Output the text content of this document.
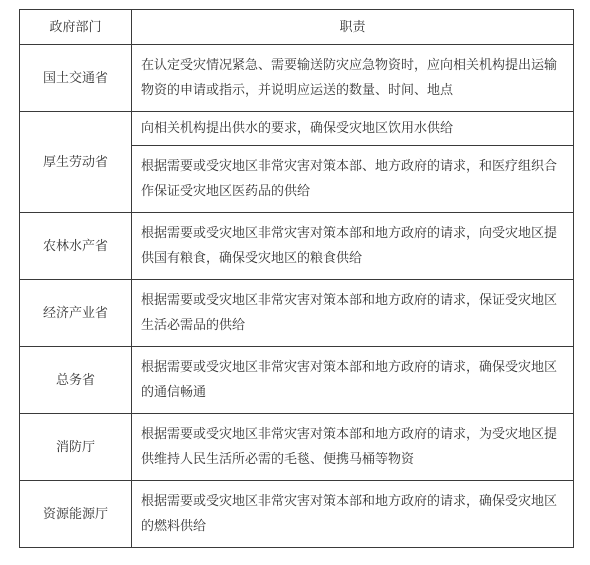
政府部门	职责
国土交通省	在认定受灾情况紧急、需要输送防灾应急物资时，应向相关机构提出运输物资的申请或指示，并说明应运送的数量、时间、地点
厚生劳动省	向相关机构提出供水的要求，确保受灾地区饮用水供给
	根据需要或受灾地区非常灾害对策本部、地方政府的请求，和医疗组织合作保证受灾地区医药品的供给
农林水产省	根据需要或受灾地区非常灾害对策本部和地方政府的请求，向受灾地区提供国有粮食，确保受灾地区的粮食供给
经济产业省	根据需要或受灾地区非常灾害对策本部和地方政府的请求，保证受灾地区生活必需品的供给
总务省	根据需要或受灾地区非常灾害对策本部和地方政府的请求，确保受灾地区的通信畅通
消防厅	根据需要或受灾地区非常灾害对策本部和地方政府的请求，为受灾地区提供维持人民生活所必需的毛毯、便携马桶等物资
资源能源厅	根据需要或受灾地区非常灾害对策本部和地方政府的请求，确保受灾地区的燃料供给
